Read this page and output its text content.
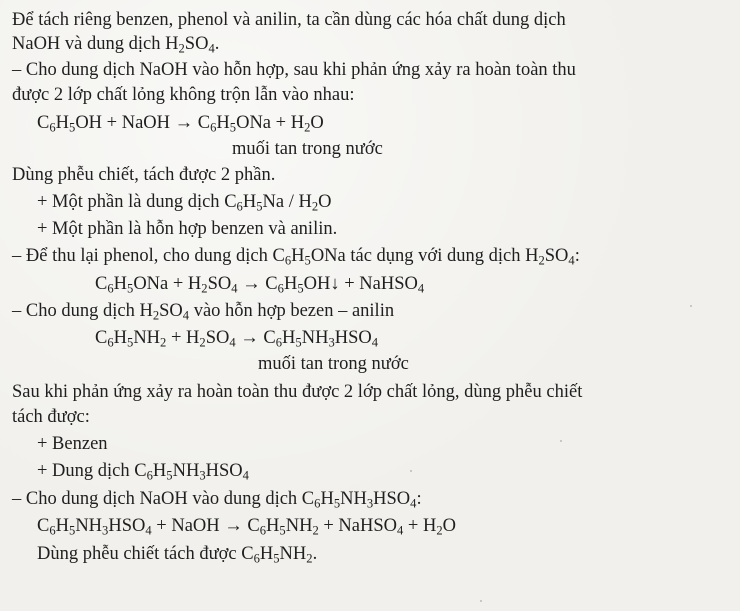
Để tách riêng benzen, phenol và anilin, ta cần dùng các hóa chất dung dịch
NaOH và dung dịch $H_2SO_4$.
– Cho dung dịch NaOH vào hỗn hợp, sau khi phản ứng xảy ra hoàn toàn thu
được 2 lớp chất lỏng không trộn lẫn vào nhau:
$C_6H_5OH$ + NaOH → $C_6H_5ONa + H_2O$
muối tan trong nước
Dùng phễu chiết, tách được 2 phần.
+ Một phần là dung dịch $C_6H_5Na / H_2O$
+ Một phần là hỗn hợp benzen và anilin.
– Để thu lại phenol, cho dung dịch $C_6H_5ONa$ tác dụng với dung dịch $H_2SO_4$:
$C_6H_5ONa + H_2SO_4$ → $C_6H_5OH↓$ + NaHSO$_4$
– Cho dung dịch $H_2SO_4$ vào hỗn hợp bezen – anilin
$C_6H_5NH_2 + H_2SO_4 \to C_6H_5NH_3HSO_4$
muối tan trong nước
Sau khi phản ứng xảy ra hoàn toàn thu được 2 lớp chất lỏng, dùng phễu chiết
tách được:
+ Benzen
+ Dung dịch $C_6H_5NH_3HSO_4$
– Cho dung dịch NaOH vào dung dịch $C_6H_5NH_3HSO_4$:
$C_6H_5NH_3HSO_4$ + NaOH → $C_6H_5NH_2$ + NaHSO$_4$ + $H_2O$
Dùng phễu chiết tách được $C_6H_5NH_2$.
